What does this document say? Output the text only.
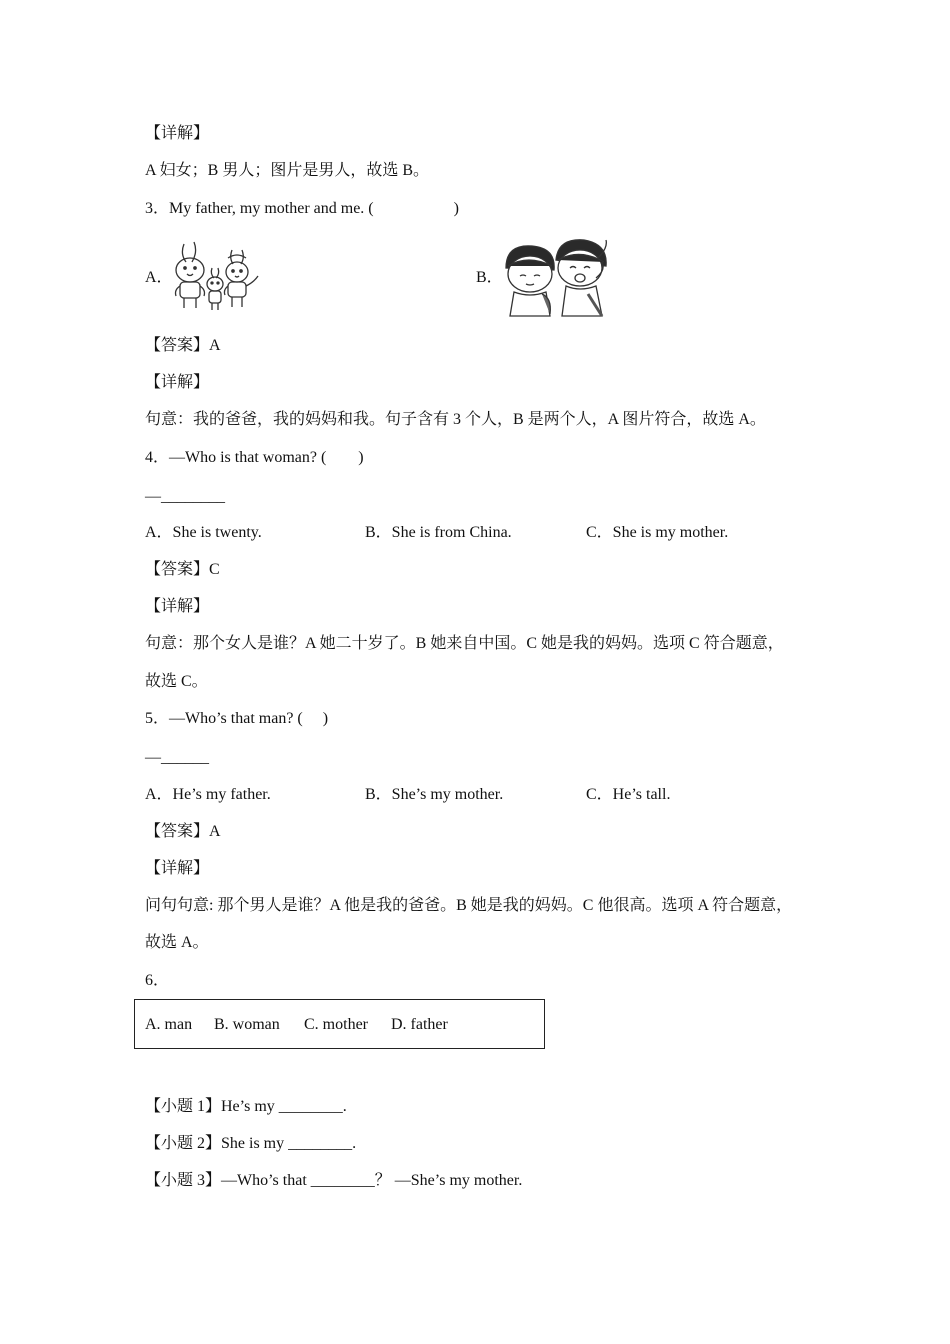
【详解】
A 妇女；B 男人；图片是男人，故选 B。
3．My father, my mother and me. (　　　　　)
A．	B．
【答案】A
【详解】
句意：我的爸爸，我的妈妈和我。句子含有 3 个人，B 是两个人，A 图片符合，故选 A。
4．—Who is that woman? (　　)
—________
A．She is twenty.	B．She is from China.	C．She is my mother.
【答案】C
【详解】
句意：那个女人是谁？A 她二十岁了。B 她来自中国。C 她是我的妈妈。选项 C 符合题意，
故选 C。
5．—Who’s that man? (　 )
—______
A．He’s my father.	B．She’s my mother.	C．He’s tall.
【答案】A
【详解】
问句句意: 那个男人是谁？A 他是我的爸爸。B 她是我的妈妈。C 他很高。选项 A 符合题意，
故选 A。
6．
A. man B. woman C. mother D. father
【小题 1】He’s my ________.
【小题 2】She is my ________.
【小题 3】—Who’s that ________？ —She’s my mother.
